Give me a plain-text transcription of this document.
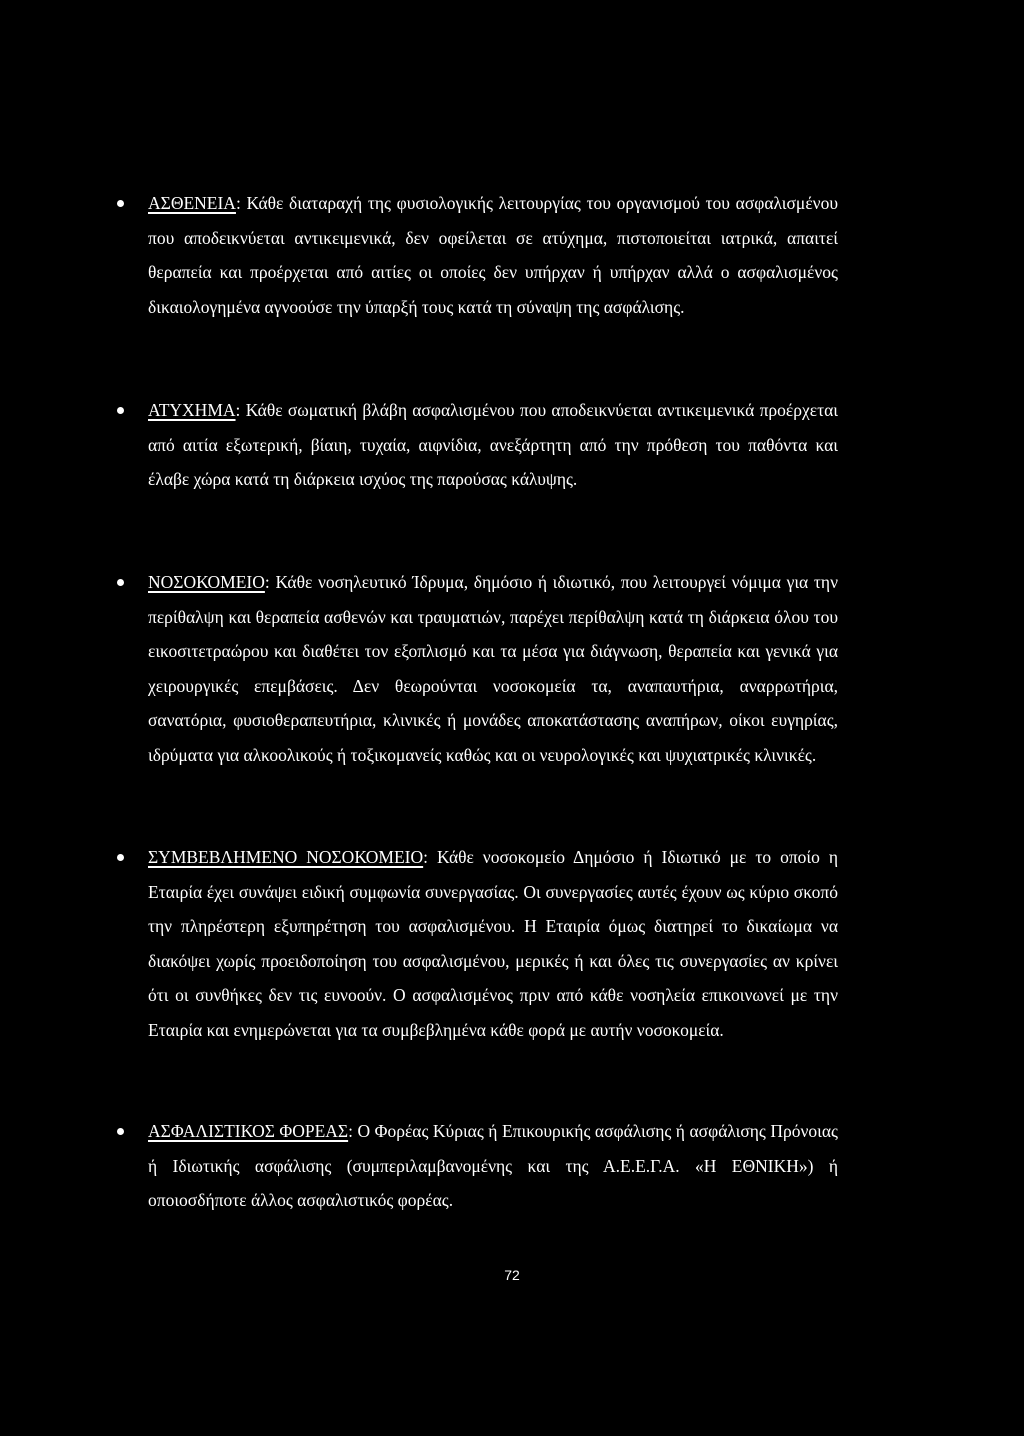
ΑΣΘΕΝΕΙΑ: Κάθε διαταραχή της φυσιολογικής λειτουργίας του οργανισμού του ασφαλισμένου που αποδεικνύεται αντικειμενικά, δεν οφείλεται σε ατύχημα, πιστοποιείται ιατρικά, απαιτεί θεραπεία και προέρχεται από αιτίες οι οποίες δεν υπήρχαν ή υπήρχαν αλλά ο ασφαλισμένος δικαιολογημένα αγνοούσε την ύπαρξή τους κατά τη σύναψη της ασφάλισης.

ΑΤΥΧΗΜΑ: Κάθε σωματική βλάβη ασφαλισμένου που αποδεικνύεται αντικειμενικά προέρχεται από αιτία εξωτερική, βίαιη, τυχαία, αιφνίδια, ανεξάρτητη από την πρόθεση του παθόντα και έλαβε χώρα κατά τη διάρκεια ισχύος της παρούσας κάλυψης.

ΝΟΣΟΚΟΜΕΙΟ: Κάθε νοσηλευτικό Ίδρυμα, δημόσιο ή ιδιωτικό, που λειτουργεί νόμιμα για την περίθαλψη και θεραπεία ασθενών και τραυματιών, παρέχει περίθαλψη κατά τη διάρκεια όλου του εικοσιτετραώρου και διαθέτει τον εξοπλισμό και τα μέσα για διάγνωση, θεραπεία και γενικά για χειρουργικές επεμβάσεις. Δεν θεωρούνται νοσοκομεία τα, αναπαυτήρια, αναρρωτήρια, σανατόρια, φυσιοθεραπευτήρια, κλινικές ή μονάδες αποκατάστασης αναπήρων, οίκοι ευγηρίας, ιδρύματα για αλκοολικούς ή τοξικομανείς καθώς και οι νευρολογικές και ψυχιατρικές κλινικές.

ΣΥΜΒΕΒΛΗΜΕΝΟ ΝΟΣΟΚΟΜΕΙΟ: Κάθε νοσοκομείο Δημόσιο ή Ιδιωτικό με το οποίο η Εταιρία έχει συνάψει ειδική συμφωνία συνεργασίας. Οι συνεργασίες αυτές έχουν ως κύριο σκοπό την πληρέστερη εξυπηρέτηση του ασφαλισμένου. Η Εταιρία όμως διατηρεί το δικαίωμα να διακόψει χωρίς προειδοποίηση του ασφαλισμένου, μερικές ή και όλες τις συνεργασίες αν κρίνει ότι οι συνθήκες δεν τις ευνοούν. Ο ασφαλισμένος πριν από κάθε νοσηλεία επικοινωνεί με την Εταιρία και ενημερώνεται για τα συμβεβλημένα κάθε φορά με αυτήν νοσοκομεία.

ΑΣΦΑΛΙΣΤΙΚΟΣ ΦΟΡΕΑΣ: Ο Φορέας Κύριας ή Επικουρικής ασφάλισης ή ασφάλισης Πρόνοιας ή Ιδιωτικής ασφάλισης (συμπεριλαμβανομένης και της Α.Ε.Ε.Γ.Α. «Η ΕΘΝΙΚΗ») ή οποιοσδήποτε άλλος ασφαλιστικός φορέας.

72
